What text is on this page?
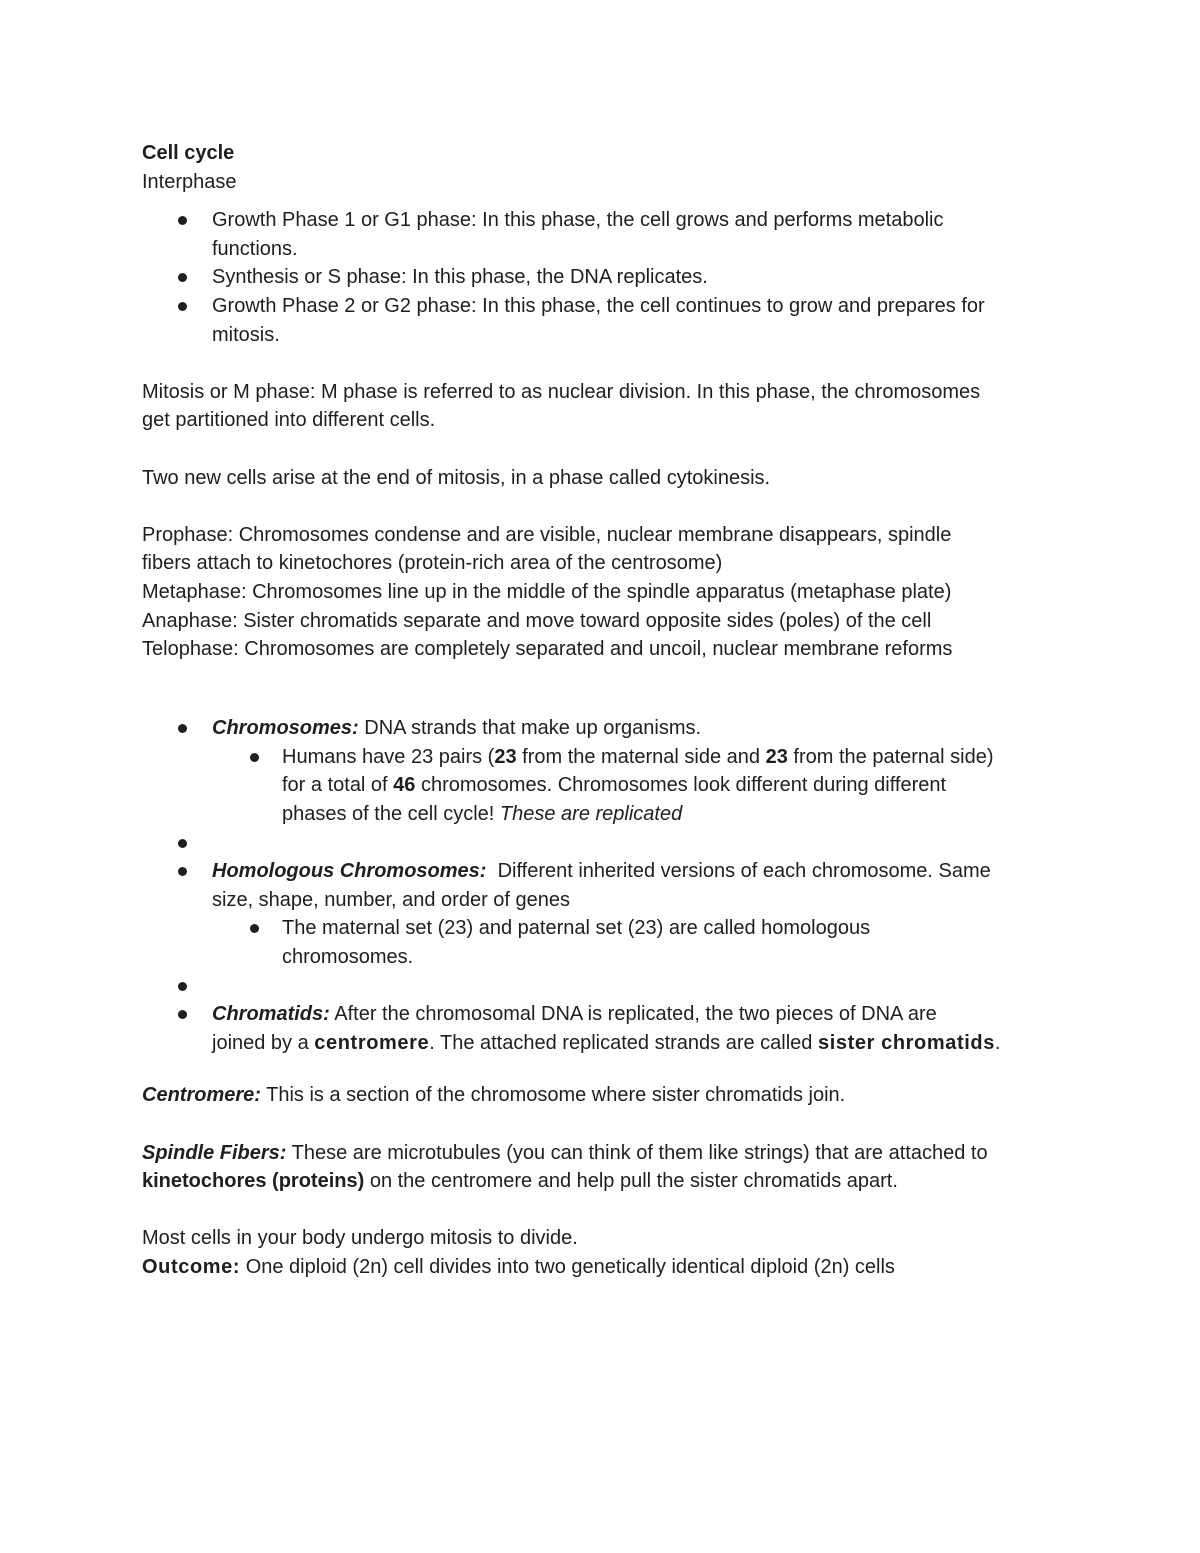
Cell cycle
Interphase
Growth Phase 1 or G1 phase: In this phase, the cell grows and performs metabolic
functions.
Synthesis or S phase: In this phase, the DNA replicates.
Growth Phase 2 or G2 phase: In this phase, the cell continues to grow and prepares for
mitosis.
Mitosis or M phase: M phase is referred to as nuclear division. In this phase, the chromosomes
get partitioned into different cells.
Two new cells arise at the end of mitosis, in a phase called cytokinesis.
Prophase: Chromosomes condense and are visible, nuclear membrane disappears, spindle
fibers attach to kinetochores (protein-rich area of the centrosome)
Metaphase: Chromosomes line up in the middle of the spindle apparatus (metaphase plate)
Anaphase: Sister chromatids separate and move toward opposite sides (poles) of the cell
Telophase: Chromosomes are completely separated and uncoil, nuclear membrane reforms
Chromosomes: DNA strands that make up organisms.
Humans have 23 pairs (23 from the maternal side and 23 from the paternal side)
for a total of 46 chromosomes. Chromosomes look different during different
phases of the cell cycle! These are replicated
Homologous Chromosomes:  Different inherited versions of each chromosome. Same
size, shape, number, and order of genes
The maternal set (23) and paternal set (23) are called homologous
chromosomes.
Chromatids: After the chromosomal DNA is replicated, the two pieces of DNA are
joined by a centromere. The attached replicated strands are called sister chromatids.
Centromere: This is a section of the chromosome where sister chromatids join.
Spindle Fibers: These are microtubules (you can think of them like strings) that are attached to
kinetochores (proteins) on the centromere and help pull the sister chromatids apart.
Most cells in your body undergo mitosis to divide.
Outcome: One diploid (2n) cell divides into two genetically identical diploid (2n) cells
